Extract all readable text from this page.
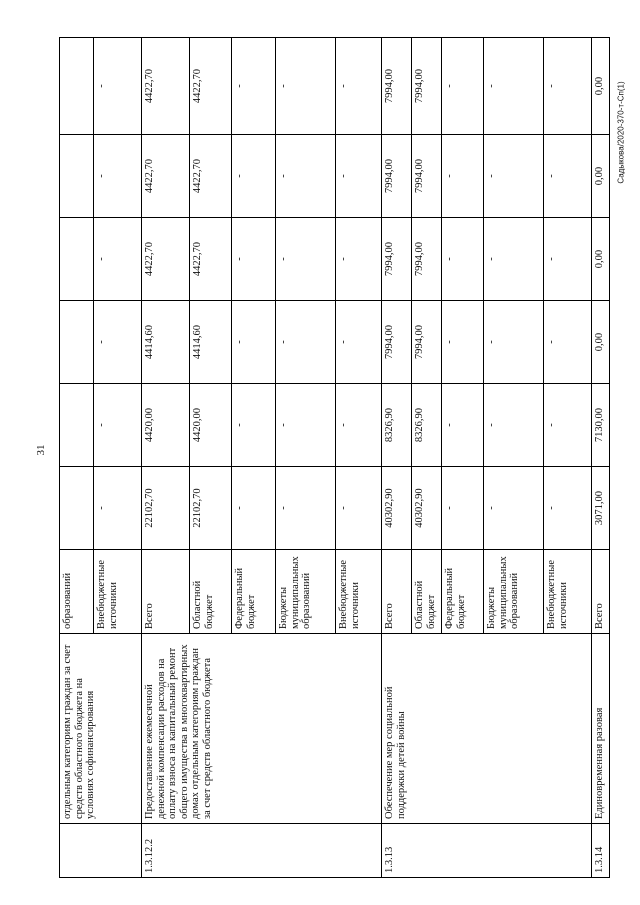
31
Садыкова/2020-370-т-Сп(1)
	отдельным категориям граждан за счет средств областного бюджета на условиях софинансирования	образований						
		Внебюджетные источники	-	-	-	-	-	-
1.3.12.2	Предоставление ежемесячной денежной компенсации расходов на оплату взноса на капитальный ремонт общего имущества в многоквартирных домах отдельным категориям граждан за счет средств областного бюджета	Всего	22102,70	4420,00	4414,60	4422,70	4422,70	4422,70
		Областной бюджет	22102,70	4420,00	4414,60	4422,70	4422,70	4422,70
		Федеральный бюджет	-	-	-	-	-	-
		Бюджеты муниципальных образований	-	-	-	-	-	-
		Внебюджетные источники	-	-	-	-	-	-
1.3.13	Обеспечение мер социальной поддержки детей войны	Всего	40302,90	8326,90	7994,00	7994,00	7994,00	7994,00
		Областной бюджет	40302,90	8326,90	7994,00	7994,00	7994,00	7994,00
		Федеральный бюджет	-	-	-	-	-	-
		Бюджеты муниципальных образований	-	-	-	-	-	-
		Внебюджетные источники	-	-	-	-	-	-
1.3.14	Единовременная разовая	Всего	3071,00	7130,00	0,00	0,00	0,00	0,00
